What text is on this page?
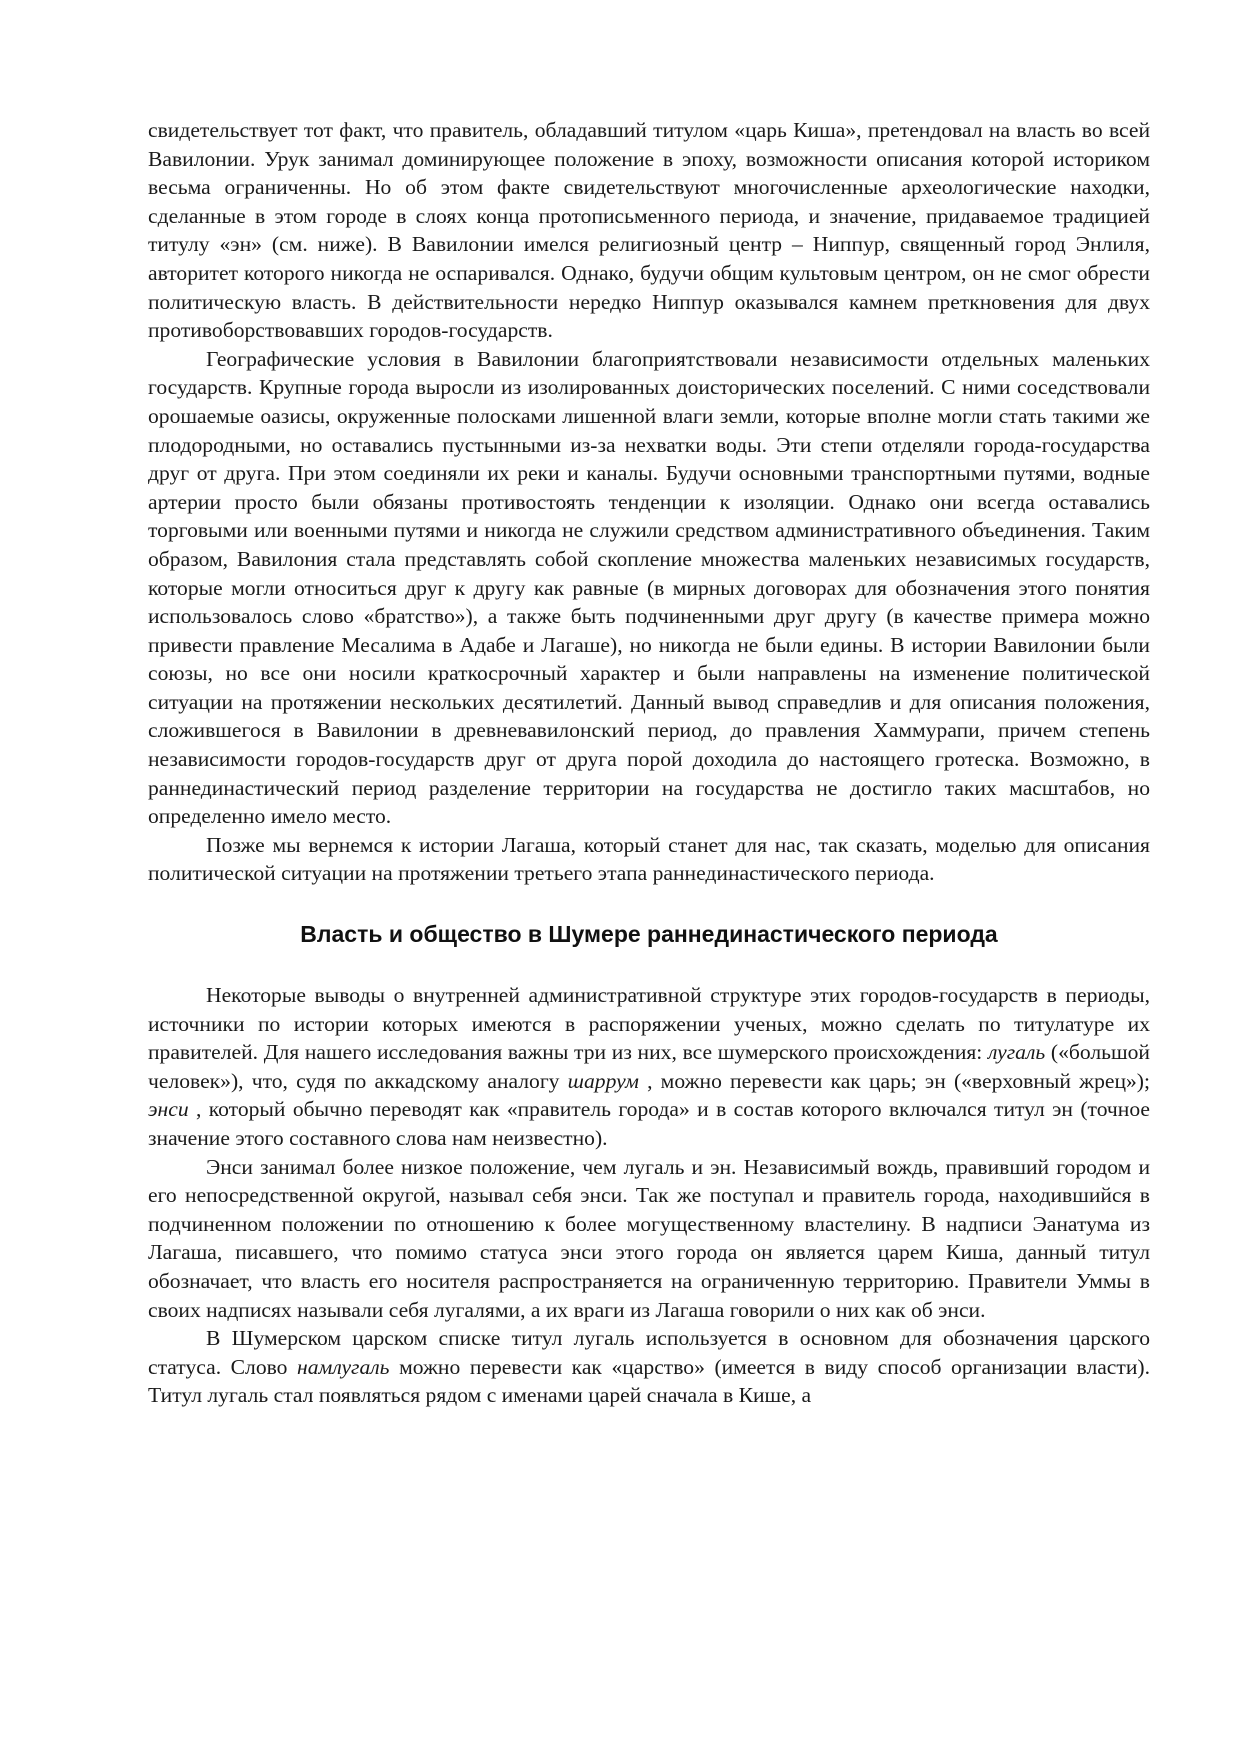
свидетельствует тот факт, что правитель, обладавший титулом «царь Киша», претендовал на власть во всей Вавилонии. Урук занимал доминирующее положение в эпоху, возможности описания которой историком весьма ограниченны. Но об этом факте свидетельствуют многочисленные археологические находки, сделанные в этом городе в слоях конца протописьменного периода, и значение, придаваемое традицией титулу «эн» (см. ниже). В Вавилонии имелся религиозный центр – Ниппур, священный город Энлиля, авторитет которого никогда не оспаривался. Однако, будучи общим культовым центром, он не смог обрести политическую власть. В действительности нередко Ниппур оказывался камнем преткновения для двух противоборствовавших городов-государств.

Географические условия в Вавилонии благоприятствовали независимости отдельных маленьких государств. Крупные города выросли из изолированных доисторических поселений. С ними соседствовали орошаемые оазисы, окруженные полосками лишенной влаги земли, которые вполне могли стать такими же плодородными, но оставались пустынными из-за нехватки воды. Эти степи отделяли города-государства друг от друга. При этом соединяли их реки и каналы. Будучи основными транспортными путями, водные артерии просто были обязаны противостоять тенденции к изоляции. Однако они всегда оставались торговыми или военными путями и никогда не служили средством административного объединения. Таким образом, Вавилония стала представлять собой скопление множества маленьких независимых государств, которые могли относиться друг к другу как равные (в мирных договорах для обозначения этого понятия использовалось слово «братство»), а также быть подчиненными друг другу (в качестве примера можно привести правление Месалима в Адабе и Лагаше), но никогда не были едины. В истории Вавилонии были союзы, но все они носили краткосрочный характер и были направлены на изменение политической ситуации на протяжении нескольких десятилетий. Данный вывод справедлив и для описания положения, сложившегося в Вавилонии в древневавилонский период, до правления Хаммурапи, причем степень независимости городов-государств друг от друга порой доходила до настоящего гротеска. Возможно, в раннединастический период разделение территории на государства не достигло таких масштабов, но определенно имело место.

Позже мы вернемся к истории Лагаша, который станет для нас, так сказать, моделью для описания политической ситуации на протяжении третьего этапа раннединастического периода.

Власть и общество в Шумере раннединастического периода

Некоторые выводы о внутренней административной структуре этих городов-государств в периоды, источники по истории которых имеются в распоряжении ученых, можно сделать по титулатуре их правителей. Для нашего исследования важны три из них, все шумерского происхождения: лугаль («большой человек»), что, судя по аккадскому аналогу шаррум , можно перевести как царь; эн («верховный жрец»); энси , который обычно переводят как «правитель города» и в состав которого включался титул эн (точное значение этого составного слова нам неизвестно).

Энси занимал более низкое положение, чем лугаль и эн. Независимый вождь, правивший городом и его непосредственной округой, называл себя энси. Так же поступал и правитель города, находившийся в подчиненном положении по отношению к более могущественному властелину. В надписи Эанатума из Лагаша, писавшего, что помимо статуса энси этого города он является царем Киша, данный титул обозначает, что власть его носителя распространяется на ограниченную территорию. Правители Уммы в своих надписях называли себя лугалями, а их враги из Лагаша говорили о них как об энси.

В Шумерском царском списке титул лугаль используется в основном для обозначения царского статуса. Слово намлугаль можно перевести как «царство» (имеется в виду способ организации власти). Титул лугаль стал появляться рядом с именами царей сначала в Кише, а
